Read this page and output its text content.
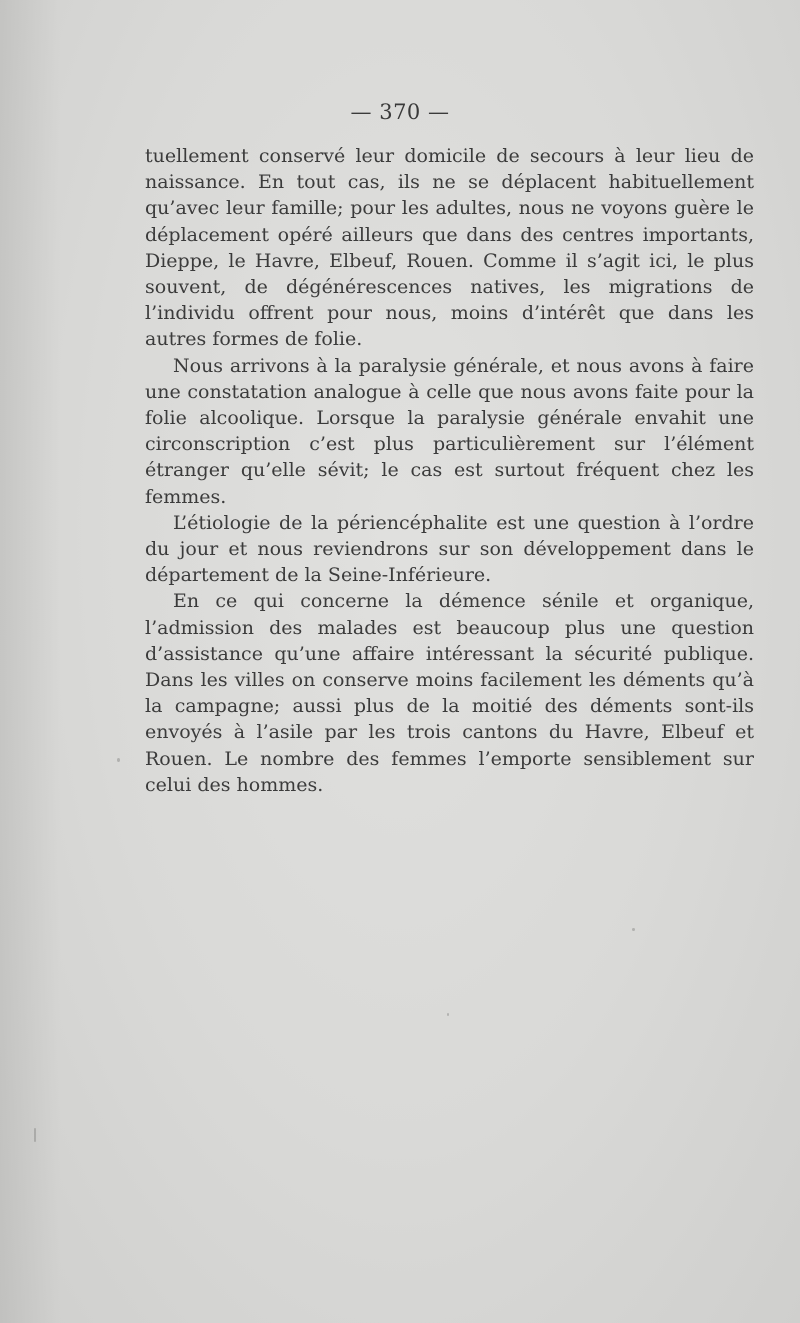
— 370 —

tuellement conservé leur domicile de secours à leur lieu de naissance. En tout cas, ils ne se déplacent habituellement qu’avec leur famille; pour les adultes, nous ne voyons guère le déplacement opéré ailleurs que dans des centres importants, Dieppe, le Havre, Elbeuf, Rouen. Comme il s’agit ici, le plus souvent, de dégénérescences natives, les migrations de l’individu offrent pour nous, moins d’intérêt que dans les autres formes de folie.

Nous arrivons à la paralysie générale, et nous avons à faire une constatation analogue à celle que nous avons faite pour la folie alcoolique. Lorsque la paralysie générale envahit une circonscription c’est plus particulièrement sur l’élément étranger qu’elle sévit; le cas est surtout fréquent chez les femmes.

L’étiologie de la périencéphalite est une question à l’ordre du jour et nous reviendrons sur son développement dans le département de la Seine-Inférieure.

En ce qui concerne la démence sénile et organique, l’admission des malades est beaucoup plus une question d’assistance qu’une affaire intéressant la sécurité publique. Dans les villes on conserve moins facilement les déments qu’à la campagne; aussi plus de la moitié des déments sont-ils envoyés à l’asile par les trois cantons du Havre, Elbeuf et Rouen. Le nombre des femmes l’emporte sensiblement sur celui des hommes.
